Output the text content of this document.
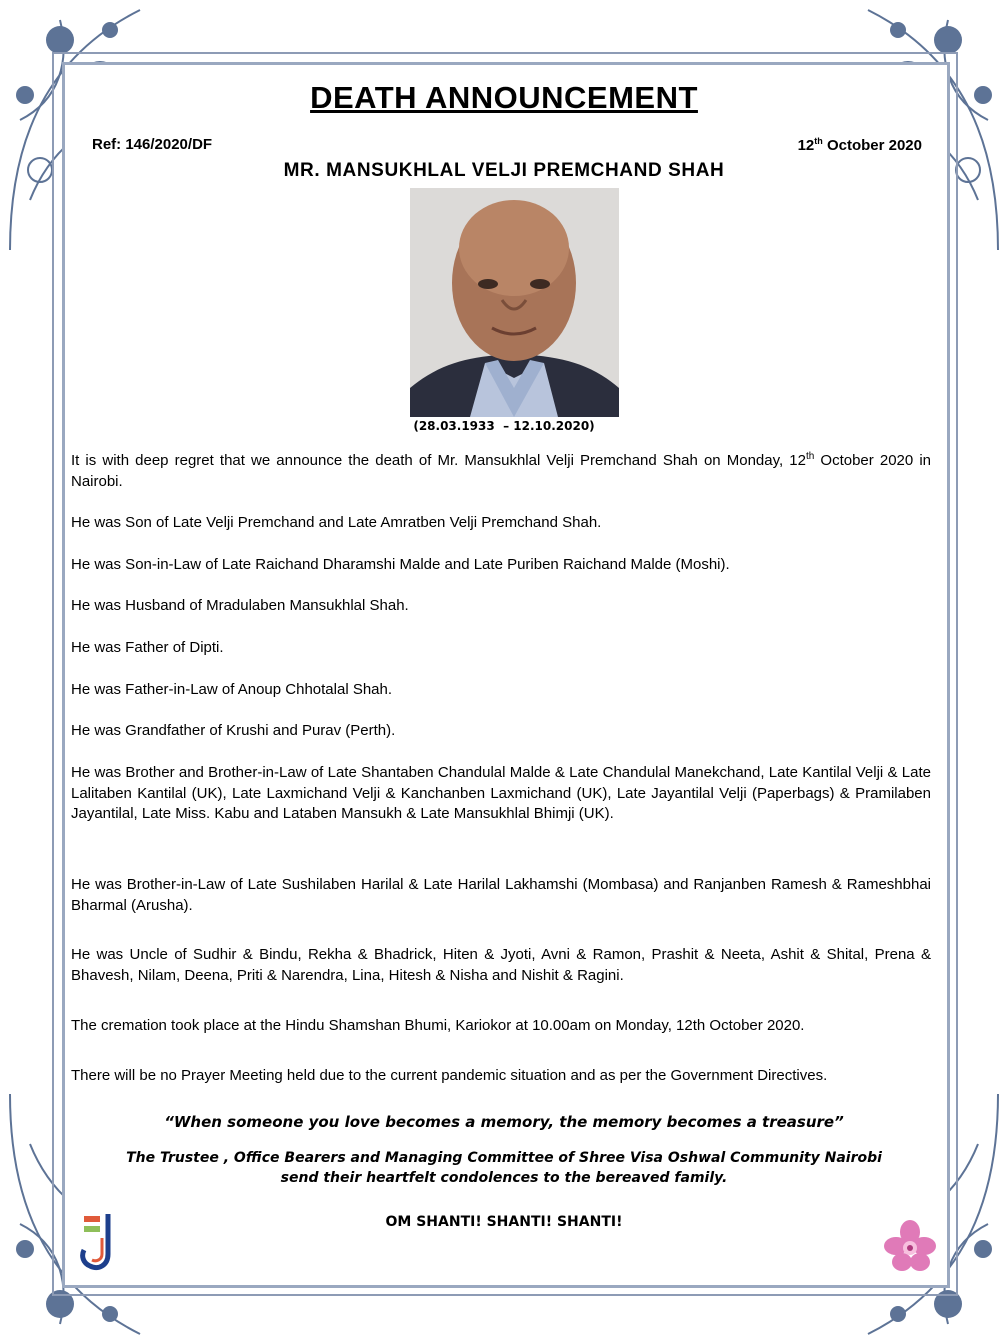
DEATH ANNOUNCEMENT
Ref: 146/2020/DF	12th October 2020
MR. MANSUKHLAL VELJI PREMCHAND SHAH
(28.03.1933  – 12.10.2020)

It is with deep regret that we announce the death of Mr. Mansukhlal Velji Premchand Shah on Monday, 12th October 2020 in Nairobi.

He was Son of Late Velji Premchand and Late Amratben Velji Premchand Shah.
He was Son-in-Law of Late Raichand Dharamshi Malde and Late Puriben Raichand Malde (Moshi).
He was Husband of Mradulaben Mansukhlal Shah.
He was Father of Dipti.
He was Father-in-Law of Anoup Chhotalal Shah.
He was Grandfather of Krushi and Purav (Perth).
He was Brother and Brother-in-Law of Late Shantaben Chandulal Malde & Late Chandulal Manekchand, Late Kantilal Velji & Late Lalitaben Kantilal (UK), Late Laxmichand Velji & Kanchanben Laxmichand (UK), Late Jayantilal Velji (Paperbags) & Pramilaben Jayantilal, Late Miss. Kabu and Lataben Mansukh & Late Mansukhlal Bhimji (UK).
He was Brother-in-Law of Late Sushilaben Harilal & Late Harilal Lakhamshi (Mombasa) and Ranjanben Ramesh & Rameshbhai Bharmal (Arusha).
He was Uncle of Sudhir & Bindu, Rekha & Bhadrick, Hiten & Jyoti, Avni & Ramon, Prashit & Neeta, Ashit & Shital, Prena & Bhavesh, Nilam, Deena, Priti & Narendra, Lina, Hitesh & Nisha and Nishit & Ragini.
The cremation took place at the Hindu Shamshan Bhumi, Kariokor at 10.00am on Monday, 12th October 2020.
There will be no Prayer Meeting held due to the current pandemic situation and as per the Government Directives.
“When someone you love becomes a memory, the memory becomes a treasure”
The Trustee , Office Bearers and Managing Committee of Shree Visa Oshwal Community Nairobi
send their heartfelt condolences to the bereaved family.
OM SHANTI! SHANTI! SHANTI!
